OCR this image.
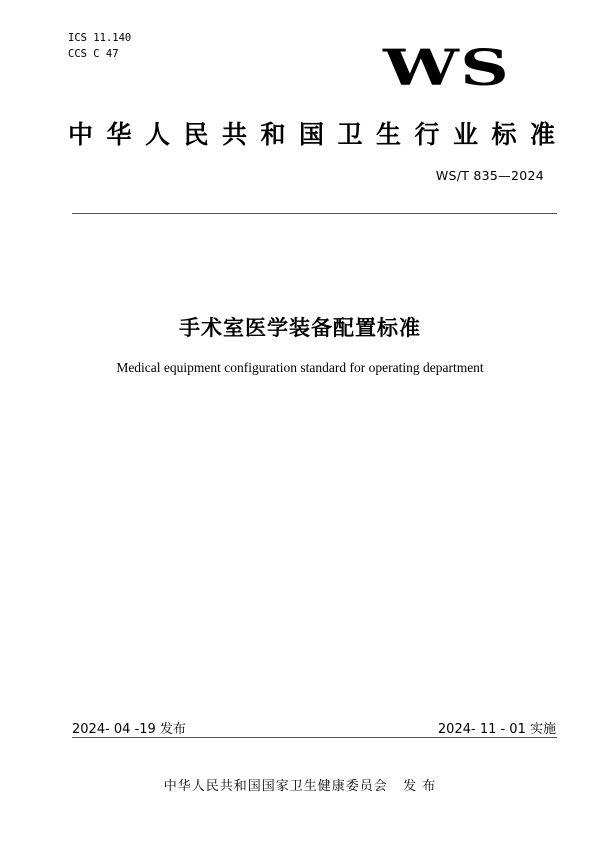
ICS 11.140
CCS C 47	WS
中华人民共和国卫生行业标准
WS/T 835—2024
手术室医学装备配置标准
Medical equipment configuration standard for operating department
2024- 04 -19 发布	2024- 11 - 01 实施
中华人民共和国国家卫生健康委员会   发 布
